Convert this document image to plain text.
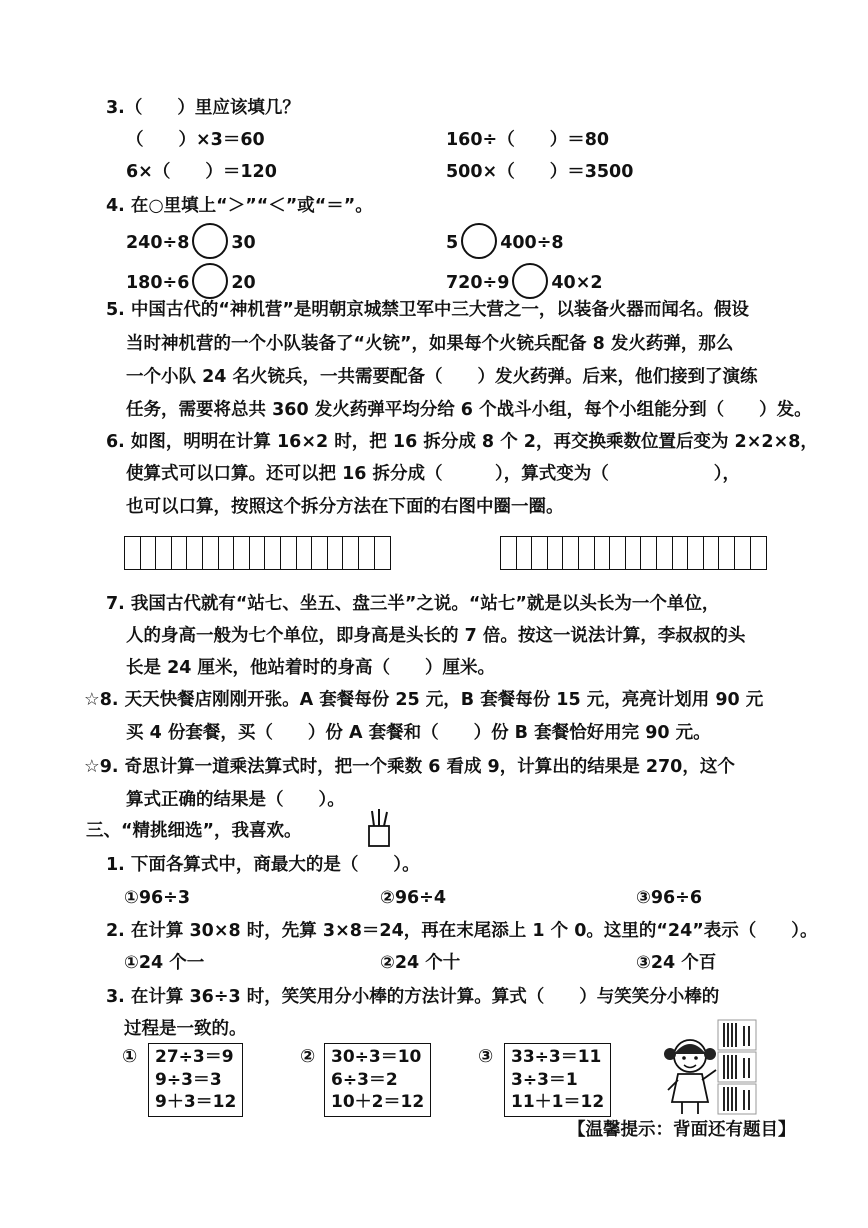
3.（　　）里应该填几？
（　　）×3＝60	160÷（　　）＝80
6×（　　）＝120	500×（　　）＝3500
4. 在○里填上“＞”“＜”或“＝”。
240÷8 30	5 400÷8
180÷6 20	720÷9 40×2
5. 中国古代的“神机营”是明朝京城禁卫军中三大营之一，以装备火器而闻名。假设
当时神机营的一个小队装备了“火铳”，如果每个火铳兵配备 8 发火药弹，那么
一个小队 24 名火铳兵，一共需要配备（　　）发火药弹。后来，他们接到了演练
任务，需要将总共 360 发火药弹平均分给 6 个战斗小组，每个小组能分到（　　）发。
6. 如图，明明在计算 16×2 时，把 16 拆分成 8 个 2，再交换乘数位置后变为 2×2×8，
使算式可以口算。还可以把 16 拆分成（　　　），算式变为（　　　　　　），
也可以口算，按照这个拆分方法在下面的右图中圈一圈。
7. 我国古代就有“站七、坐五、盘三半”之说。“站七”就是以头长为一个单位，
人的身高一般为七个单位，即身高是头长的 7 倍。按这一说法计算，李叔叔的头
长是 24 厘米，他站着时的身高（　　）厘米。
☆8. 天天快餐店刚刚开张。A 套餐每份 25 元，B 套餐每份 15 元，亮亮计划用 90 元
买 4 份套餐，买（　　）份 A 套餐和（　　）份 B 套餐恰好用完 90 元。
☆9. 奇思计算一道乘法算式时，把一个乘数 6 看成 9，计算出的结果是 270，这个
算式正确的结果是（　　）。
三、“精挑细选”，我喜欢。
1. 下面各算式中，商最大的是（　　）。
①96÷3	②96÷4	③96÷6
2. 在计算 30×8 时，先算 3×8＝24，再在末尾添上 1 个 0。这里的“24”表示（　　）。
①24 个一	②24 个十	③24 个百
3. 在计算 36÷3 时，笑笑用分小棒的方法计算。算式（　　）与笑笑分小棒的
过程是一致的。
① 27÷3＝9
9÷3＝3
9＋3＝12
② 30÷3＝10
6÷3＝2
10＋2＝12
③ 33÷3＝11
3÷3＝1
11＋1＝12
【温馨提示：背面还有题目】
